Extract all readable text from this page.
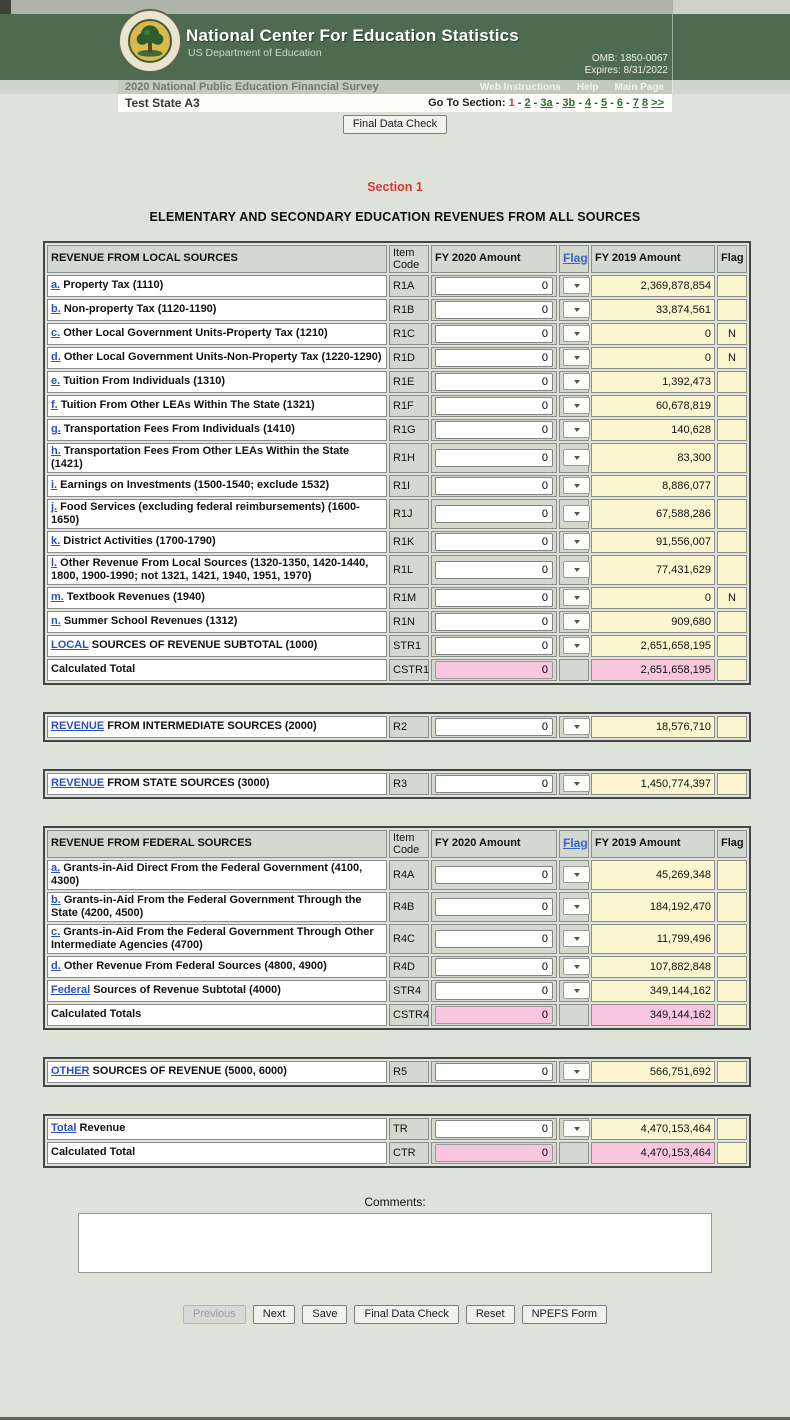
National Center For Education Statistics
US Department of Education	OMB: 1850-0067
Expires: 8/31/2022
2020 National Public Education Financial Survey	Web Instructions Help Main Page
Test State A3	Go To Section: 1 - 2 - 3a - 3b - 4 - 5 - 6 - 7 8 >>
Final Data Check
Section 1
ELEMENTARY AND SECONDARY EDUCATION REVENUES FROM ALL SOURCES
REVENUE FROM LOCAL SOURCES	Item Code	FY 2020 Amount	Flag	FY 2019 Amount	Flag
a. Property Tax (1110)	R1A	0		2,369,878,854	
b. Non-property Tax (1120-1190)	R1B	0		33,874,561	
c. Other Local Government Units-Property Tax (1210)	R1C	0		0	N
d. Other Local Government Units-Non-Property Tax (1220-1290)	R1D	0		0	N
e. Tuition From Individuals (1310)	R1E	0		1,392,473	
f. Tuition From Other LEAs Within The State (1321)	R1F	0		60,678,819	
g. Transportation Fees From Individuals (1410)	R1G	0		140,628	
h. Transportation Fees From Other LEAs Within the State (1421)	R1H	0		83,300	
i. Earnings on Investments (1500-1540; exclude 1532)	R1I	0		8,886,077	
j. Food Services (excluding federal reimbursements) (1600-1650)	R1J	0		67,588,286	
k. District Activities (1700-1790)	R1K	0		91,556,007	
l. Other Revenue From Local Sources (1320-1350, 1420-1440, 1800, 1900-1990; not 1321, 1421, 1940, 1951, 1970)	R1L	0		77,431,629	
m. Textbook Revenues (1940)	R1M	0		0	N
n. Summer School Revenues (1312)	R1N	0		909,680	
LOCAL SOURCES OF REVENUE SUBTOTAL (1000)	STR1	0		2,651,658,195	
Calculated Total	CSTR1	0		2,651,658,195	
REVENUE FROM INTERMEDIATE SOURCES (2000)	R2	0		18,576,710	
REVENUE FROM STATE SOURCES (3000)	R3	0		1,450,774,397	
REVENUE FROM FEDERAL SOURCES	Item Code	FY 2020 Amount	Flag	FY 2019 Amount	Flag
a. Grants-in-Aid Direct From the Federal Government (4100, 4300)	R4A	0		45,269,348	
b. Grants-in-Aid From the Federal Government Through the State (4200, 4500)	R4B	0		184,192,470	
c. Grants-in-Aid From the Federal Government Through Other Intermediate Agencies (4700)	R4C	0		11,799,496	
d. Other Revenue From Federal Sources (4800, 4900)	R4D	0		107,882,848	
Federal Sources of Revenue Subtotal (4000)	STR4	0		349,144,162	
Calculated Totals	CSTR4	0		349,144,162	
OTHER SOURCES OF REVENUE (5000, 6000)	R5	0		566,751,692	
Total Revenue	TR	0		4,470,153,464	
Calculated Total	CTR	0		4,470,153,464	
Comments:
Previous	Next	Save	Final Data Check	Reset	NPEFS Form
